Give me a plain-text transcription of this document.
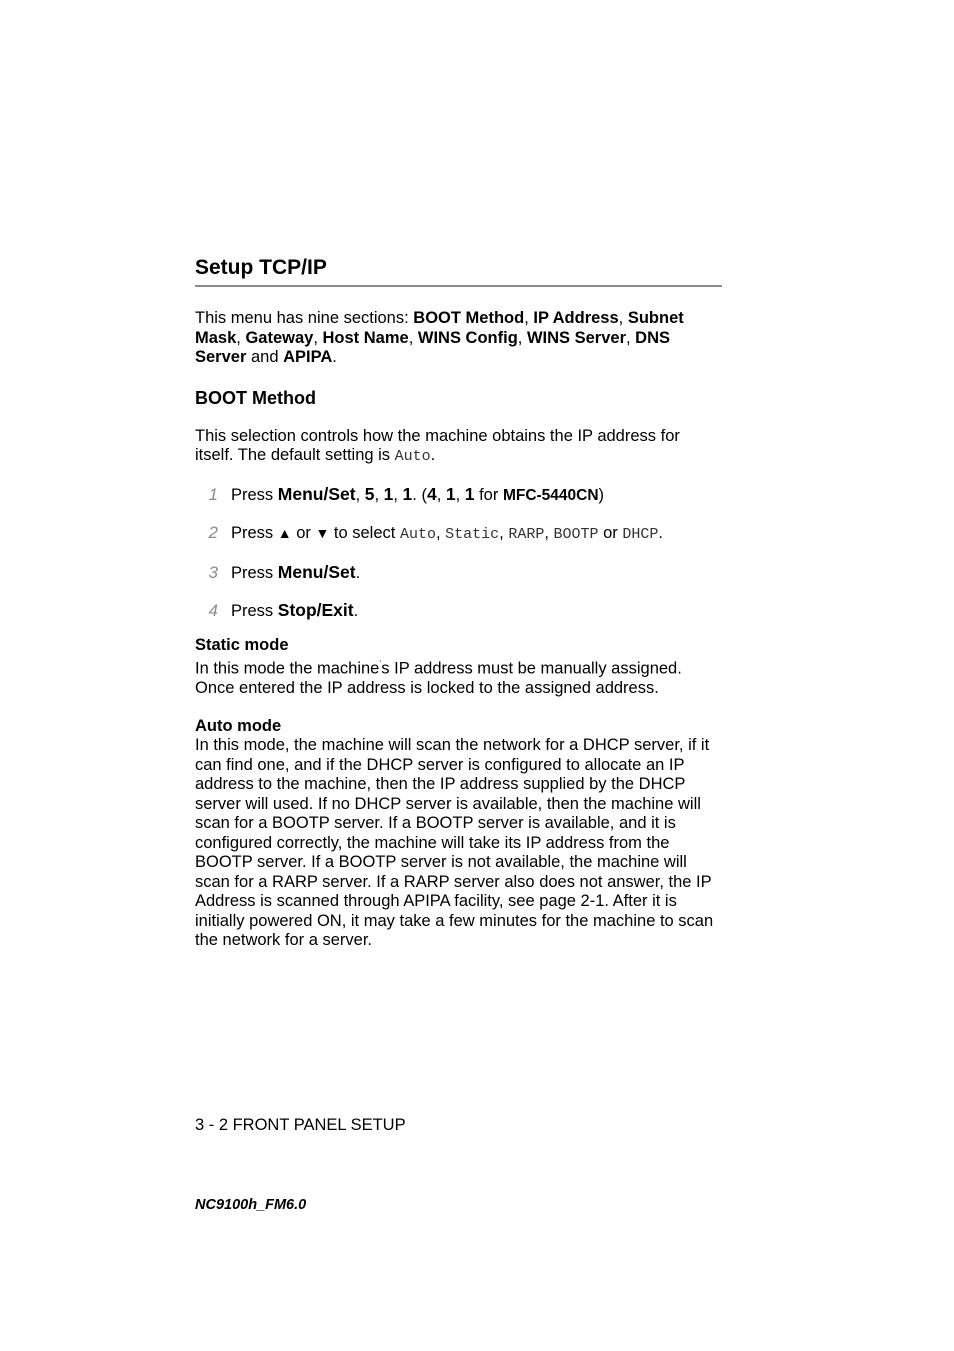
Setup TCP/IP

This menu has nine sections: BOOT Method, IP Address, Subnet Mask, Gateway, Host Name, WINS Config, WINS Server, DNS Server and APIPA.

BOOT Method

This selection controls how the machine obtains the IP address for itself. The default setting is Auto.

1 Press Menu/Set, 5, 1, 1. (4, 1, 1 for MFC-5440CN)
2 Press ▲ or ▼ to select Auto, Static, RARP, BOOTP or DHCP.
3 Press Menu/Set.
4 Press Stop/Exit.

Static mode

In this mode the machine's IP address must be manually assigned. Once entered the IP address is locked to the assigned address.

Auto mode

In this mode, the machine will scan the network for a DHCP server, if it can find one, and if the DHCP server is configured to allocate an IP address to the machine, then the IP address supplied by the DHCP server will used. If no DHCP server is available, then the machine will scan for a BOOTP server. If a BOOTP server is available, and it is configured correctly, the machine will take its IP address from the BOOTP server. If a BOOTP server is not available, the machine will scan for a RARP server. If a RARP server also does not answer, the IP Address is scanned through APIPA facility, see page 2-1. After it is initially powered ON, it may take a few minutes for the machine to scan the network for a server.

3 - 2 FRONT PANEL SETUP
NC9100h_FM6.0
